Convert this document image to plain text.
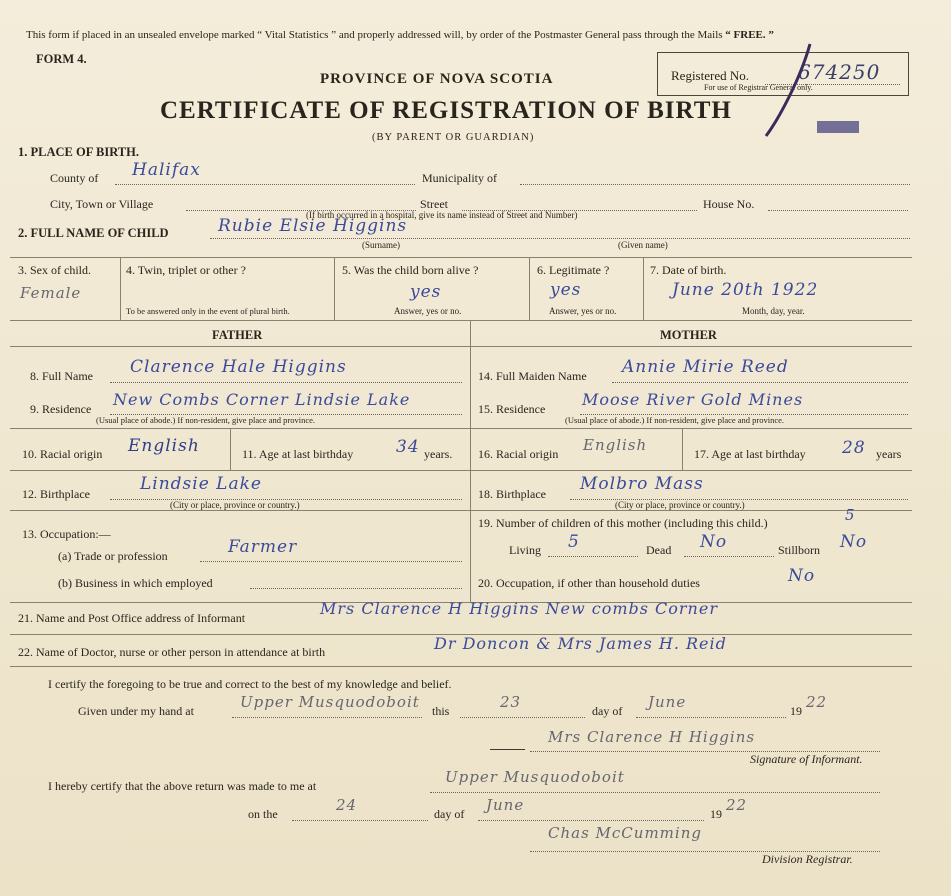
This form if placed in an unsealed envelope marked “ Vital Statistics ” and properly addressed will, by order of the Postmaster General pass through the Mails “ FREE. ”
FORM 4.
PROVINCE OF NOVA SCOTIA
CERTIFICATE OF REGISTRATION OF BIRTH
(BY PARENT OR GUARDIAN)
Registered No. 674250
For use of Registrar General only.
1. PLACE OF BIRTH.
County of Halifax	Municipality of
City, Town or Village	Street	House No.
(If birth occurred in a hospital, give its name instead of Street and Number)
2. FULL NAME OF CHILD	Rubie Elsie Higgins
(Surname)	(Given name)
3. Sex of child.
Female
4. Twin, triplet or other ?
To be answered only in the event of plural birth.
5. Was the child born alive ?
yes
Answer, yes or no.
6. Legitimate ?
yes
Answer, yes or no.
7. Date of birth.
June 20th 1922
Month, day, year.
FATHER	MOTHER
8. Full Name Clarence Hale Higgins
9. Residence New Combs Corner Lindsie Lake
(Usual place of abode.) If non-resident, give place and province.
10. Racial origin English	11. Age at last birthday	34 years.
12. Birthplace	Lindsie Lake
(City or place, province or country.)
14. Full Maiden Name Annie Mirie Reed
15. Residence Moose River Gold Mines
(Usual place of abode.) If non-resident, give place and province.
16. Racial origin English	17. Age at last birthday 28 years
18. Birthplace Molbro Mass
(City or place, province or country.)
13. Occupation:—
(a) Trade or profession	Farmer
(b) Business in which employed
19. Number of children of this mother (including this child.)	5
Living 5	Dead No	Stillborn No
20. Occupation, if other than household duties	No
21. Name and Post Office address of Informant	Mrs Clarence H Higgins New combs Corner
22. Name of Doctor, nurse or other person in attendance at birth	Dr Doncon & Mrs James H. Reid
I certify the foregoing to be true and correct to the best of my knowledge and belief.
Given under my hand at	Upper Musquodoboit this	23	day of June	19 22
Mrs Clarence H Higgins
Signature of Informant.
I hereby certify that the above return was made to me at	Upper Musquodoboit
on the	24	day of June	19 22
Chas McCumming
Division Registrar.
